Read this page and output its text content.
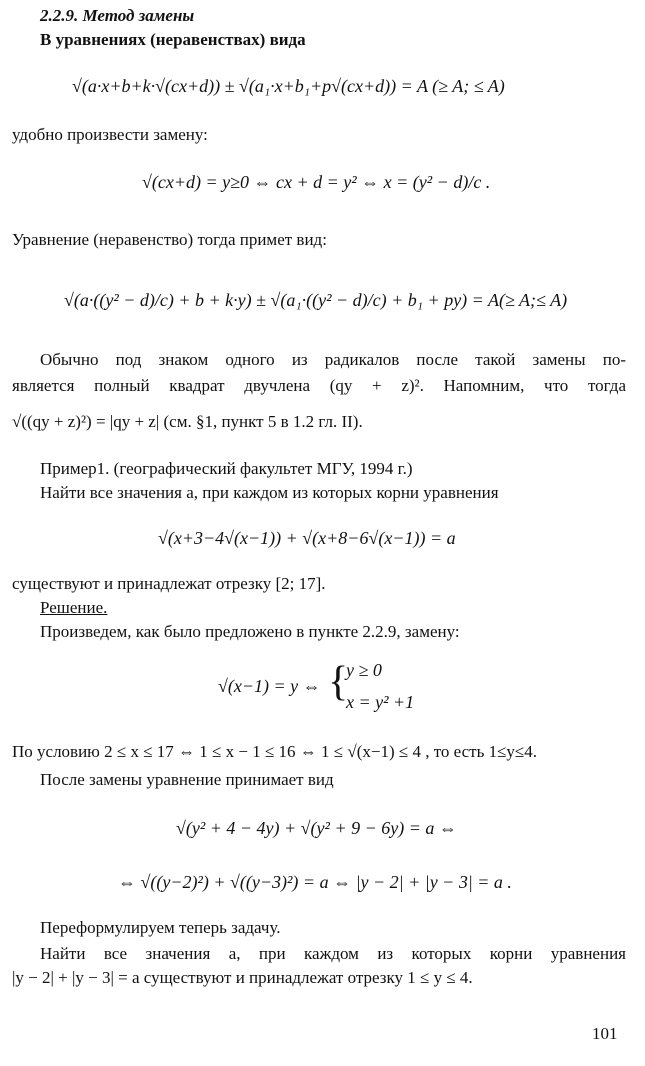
2.2.9. Метод замены
В уравнениях (неравенствах) вида
√(a·x+b+k·√(cx+d)) ± √(a₁·x+b₁+p√(cx+d)) = A (≥ A; ≤ A)
удобно произвести замену:
√(cx+d) = y≥0 ⇔ cx + d = y² ⇔ x = (y² − d)/c .
Уравнение (неравенство) тогда примет вид:
√(a·((y² − d)/c) + b + k·y) ± √(a₁·((y² − d)/c) + b₁ + py) = A(≥ A;≤ A)
Обычно под знаком одного из радикалов после такой замены по-
является полный квадрат двучлена (qy + z)². Напомним, что тогда
√((qy + z)²) = |qy + z| (см. §1, пункт 5 в 1.2 гл. II).
Пример1. (географический факультет МГУ, 1994 г.)
Найти все значения a, при каждом из которых корни уравнения
√(x+3−4√(x−1)) + √(x+8−6√(x−1)) = a
существуют и принадлежат отрезку [2; 17].
Решение.
Произведем, как было предложено в пункте 2.2.9, замену:
√(x−1) = y ⇔ {
y ≥ 0
x = y² +1
По условию 2 ≤ x ≤ 17 ⇔ 1 ≤ x − 1 ≤ 16 ⇔ 1 ≤ √(x−1) ≤ 4 , то есть 1≤y≤4.
После замены уравнение принимает вид
√(y² + 4 − 4y) + √(y² + 9 − 6y) = a ⇔
⇔ √((y−2)²) + √((y−3)²) = a ⇔ |y − 2| + |y − 3| = a .
Переформулируем теперь задачу.
Найти все значения a, при каждом из которых корни уравнения
|y − 2| + |y − 3| = a существуют и принадлежат отрезку 1 ≤ y ≤ 4.
101
